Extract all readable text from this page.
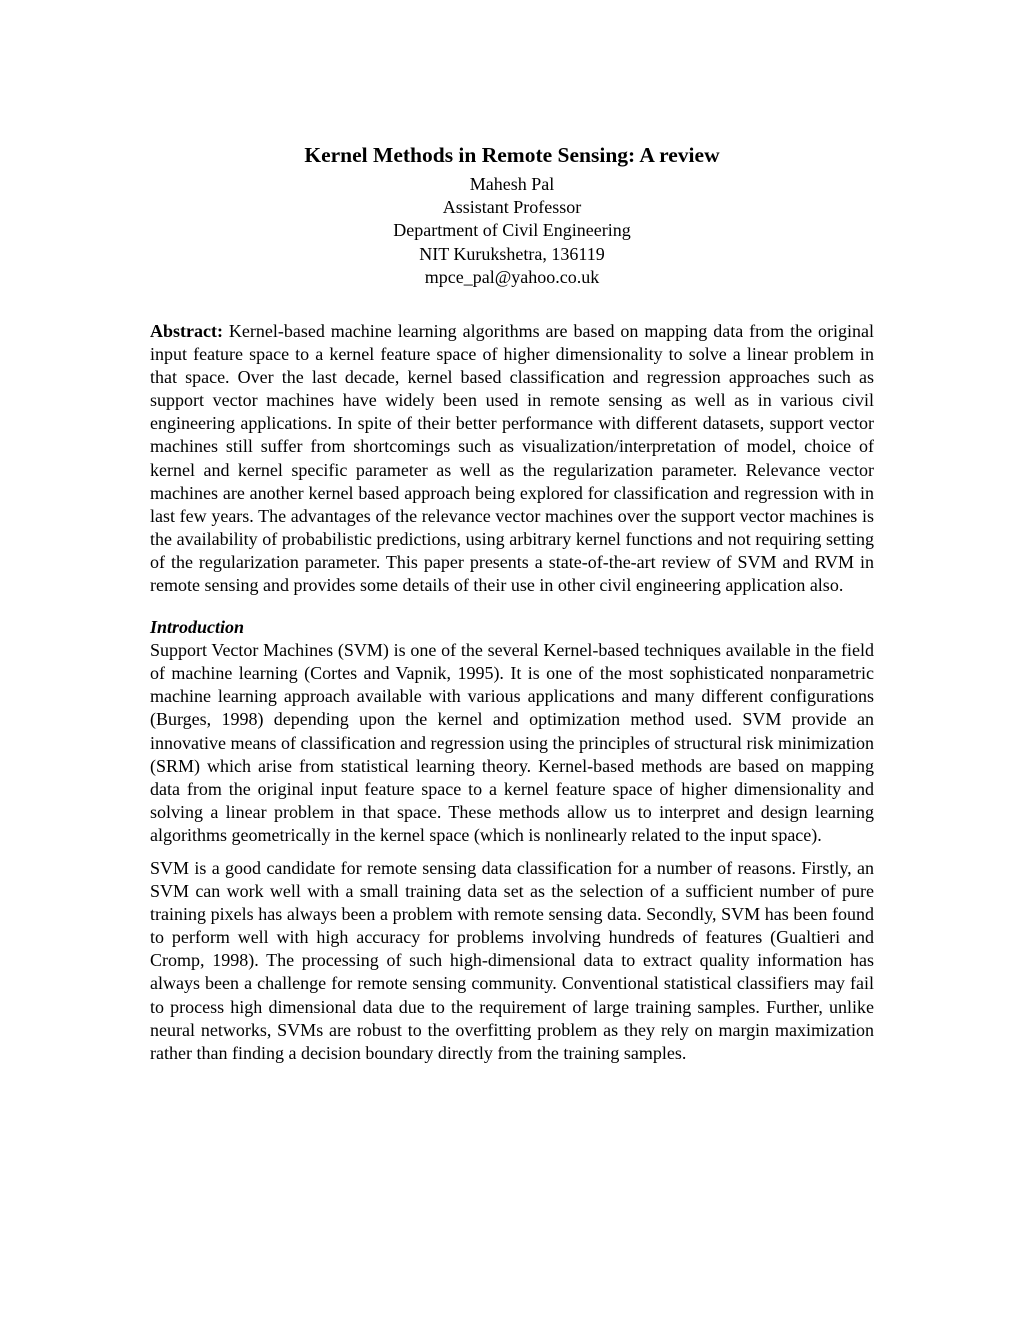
Kernel Methods in Remote Sensing: A review
Mahesh Pal
Assistant Professor
Department of Civil Engineering
NIT Kurukshetra, 136119
mpce_pal@yahoo.co.uk

Abstract: Kernel-based machine learning algorithms are based on mapping data from the original input feature space to a kernel feature space of higher dimensionality to solve a linear problem in that space. Over the last decade, kernel based classification and regression approaches such as support vector machines have widely been used in remote sensing as well as in various civil engineering applications. In spite of their better performance with different datasets, support vector machines still suffer from shortcomings such as visualization/interpretation of model, choice of kernel and kernel specific parameter as well as the regularization parameter. Relevance vector machines are another kernel based approach being explored for classification and regression with in last few years. The advantages of the relevance vector machines over the support vector machines is the availability of probabilistic predictions, using arbitrary kernel functions and not requiring setting of the regularization parameter. This paper presents a state-of-the-art review of SVM and RVM in remote sensing and provides some details of their use in other civil engineering application also.

Introduction

Support Vector Machines (SVM) is one of the several Kernel-based techniques available in the field of machine learning (Cortes and Vapnik, 1995). It is one of the most sophisticated nonparametric machine learning approach available with various applications and many different configurations (Burges, 1998) depending upon the kernel and optimization method used. SVM provide an innovative means of classification and regression using the principles of structural risk minimization (SRM) which arise from statistical learning theory. Kernel-based methods are based on mapping data from the original input feature space to a kernel feature space of higher dimensionality and solving a linear problem in that space. These methods allow us to interpret and design learning algorithms geometrically in the kernel space (which is nonlinearly related to the input space).

SVM is a good candidate for remote sensing data classification for a number of reasons. Firstly, an SVM can work well with a small training data set as the selection of a sufficient number of pure training pixels has always been a problem with remote sensing data. Secondly, SVM has been found to perform well with high accuracy for problems involving hundreds of features (Gualtieri and Cromp, 1998). The processing of such high-dimensional data to extract quality information has always been a challenge for remote sensing community. Conventional statistical classifiers may fail to process high dimensional data due to the requirement of large training samples. Further, unlike neural networks, SVMs are robust to the overfitting problem as they rely on margin maximization rather than finding a decision boundary directly from the training samples.
